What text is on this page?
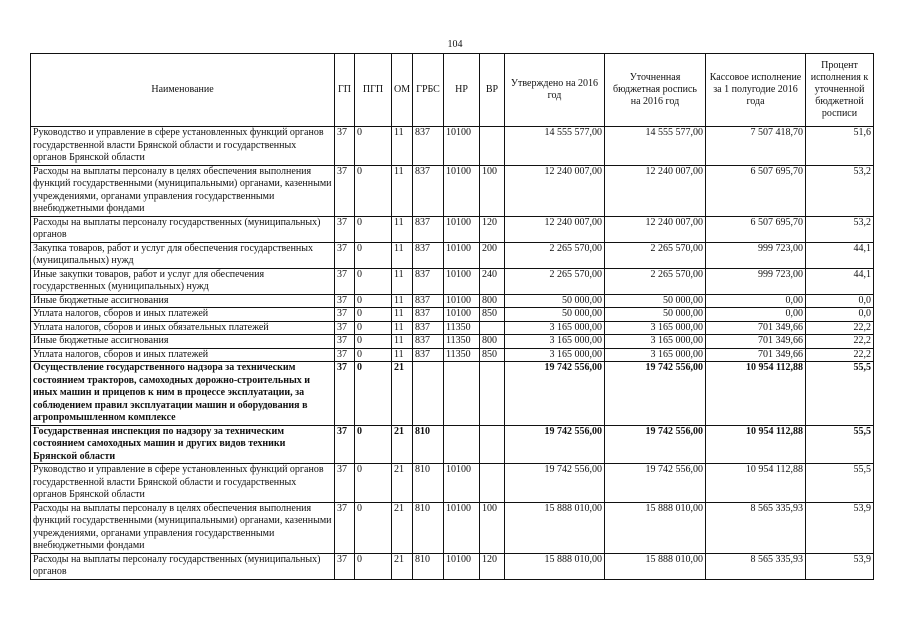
104
Наименование	ГП	ПГП	ОМ	ГРБС	НР	ВР	Утверждено на 2016 год	Уточненная бюджетная роспись на 2016 год	Кассовое исполнение за 1 полугодие 2016 года	Процент исполнения к уточненной бюджетной росписи
Руководство и управление в сфере установленных функций органов государственной власти Брянской области и государственных органов Брянской области	37	0	11	837	10100		14 555 577,00	14 555 577,00	7 507 418,70	51,6
Расходы на выплаты персоналу в целях обеспечения выполнения функций государственными (муниципальными) органами, казенными учреждениями, органами управления государственными внебюджетными фондами	37	0	11	837	10100	100	12 240 007,00	12 240 007,00	6 507 695,70	53,2
Расходы на выплаты персоналу государственных (муниципальных) органов	37	0	11	837	10100	120	12 240 007,00	12 240 007,00	6 507 695,70	53,2
Закупка товаров, работ и услуг для обеспечения государственных (муниципальных) нужд	37	0	11	837	10100	200	2 265 570,00	2 265 570,00	999 723,00	44,1
Иные закупки товаров, работ и услуг для обеспечения государственных (муниципальных) нужд	37	0	11	837	10100	240	2 265 570,00	2 265 570,00	999 723,00	44,1
Иные бюджетные ассигнования	37	0	11	837	10100	800	50 000,00	50 000,00	0,00	0,0
Уплата налогов, сборов и иных платежей	37	0	11	837	10100	850	50 000,00	50 000,00	0,00	0,0
Уплата налогов, сборов и иных обязательных платежей	37	0	11	837	11350		3 165 000,00	3 165 000,00	701 349,66	22,2
Иные бюджетные ассигнования	37	0	11	837	11350	800	3 165 000,00	3 165 000,00	701 349,66	22,2
Уплата налогов, сборов и иных платежей	37	0	11	837	11350	850	3 165 000,00	3 165 000,00	701 349,66	22,2
Осуществление государственного надзора за техническим состоянием тракторов, самоходных дорожно-строительных и иных машин и прицепов к ним в процессе эксплуатации, за соблюдением правил эксплуатации машин и оборудования в агропромышленном комплексе	37	0	21				19 742 556,00	19 742 556,00	10 954 112,88	55,5
Государственная инспекция по надзору за техническим состоянием самоходных машин и других видов техники Брянской области	37	0	21	810			19 742 556,00	19 742 556,00	10 954 112,88	55,5
Руководство и управление в сфере установленных функций органов государственной власти Брянской области и государственных органов Брянской области	37	0	21	810	10100		19 742 556,00	19 742 556,00	10 954 112,88	55,5
Расходы на выплаты персоналу в целях обеспечения выполнения функций государственными (муниципальными) органами, казенными учреждениями, органами управления государственными внебюджетными фондами	37	0	21	810	10100	100	15 888 010,00	15 888 010,00	8 565 335,93	53,9
Расходы на выплаты персоналу государственных (муниципальных) органов	37	0	21	810	10100	120	15 888 010,00	15 888 010,00	8 565 335,93	53,9
